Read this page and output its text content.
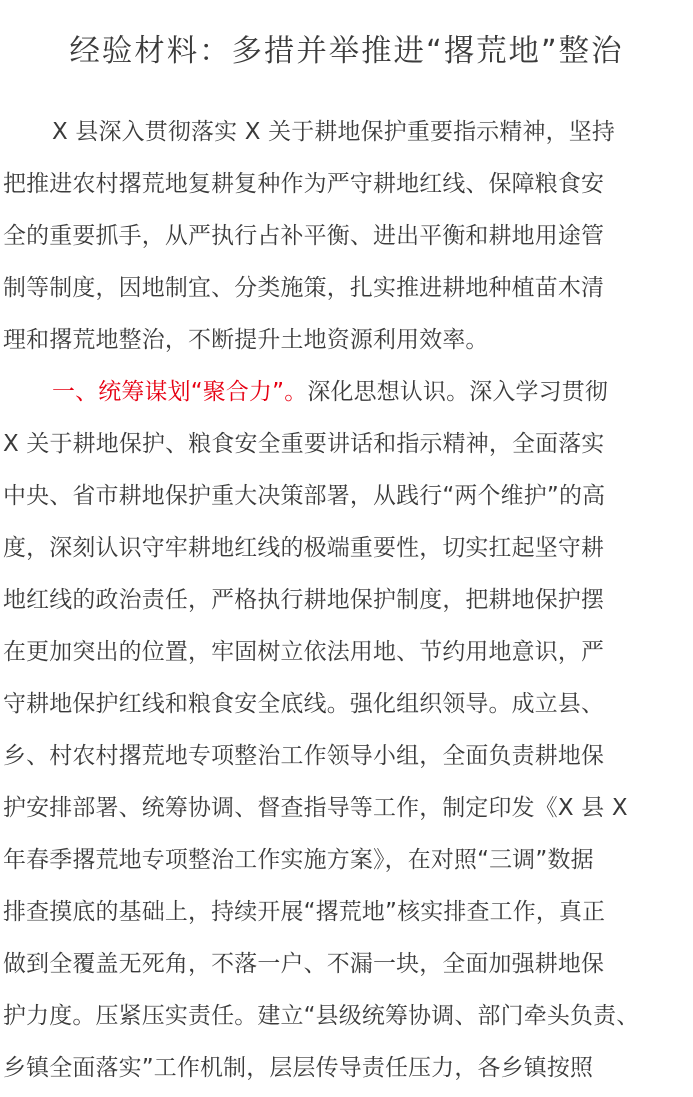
经验材料：多措并举推进“撂荒地”整治
X 县深入贯彻落实 X 关于耕地保护重要指示精神，坚持
把推进农村撂荒地复耕复种作为严守耕地红线、保障粮食安
全的重要抓手，从严执行占补平衡、进出平衡和耕地用途管
制等制度，因地制宜、分类施策，扎实推进耕地种植苗木清
理和撂荒地整治，不断提升土地资源利用效率。
一、统筹谋划“聚合力”。深化思想认识。深入学习贯彻
X 关于耕地保护、粮食安全重要讲话和指示精神，全面落实
中央、省市耕地保护重大决策部署，从践行“两个维护”的高
度，深刻认识守牢耕地红线的极端重要性，切实扛起坚守耕
地红线的政治责任，严格执行耕地保护制度，把耕地保护摆
在更加突出的位置，牢固树立依法用地、节约用地意识，严
守耕地保护红线和粮食安全底线。强化组织领导。成立县、
乡、村农村撂荒地专项整治工作领导小组，全面负责耕地保
护安排部署、统筹协调、督查指导等工作，制定印发《X 县 X
年春季撂荒地专项整治工作实施方案》，在对照“三调”数据
排查摸底的基础上，持续开展“撂荒地”核实排查工作，真正
做到全覆盖无死角，不落一户、不漏一块，全面加强耕地保
护力度。压紧压实责任。建立“县级统筹协调、部门牵头负责、
乡镇全面落实”工作机制，层层传导责任压力，各乡镇按照
